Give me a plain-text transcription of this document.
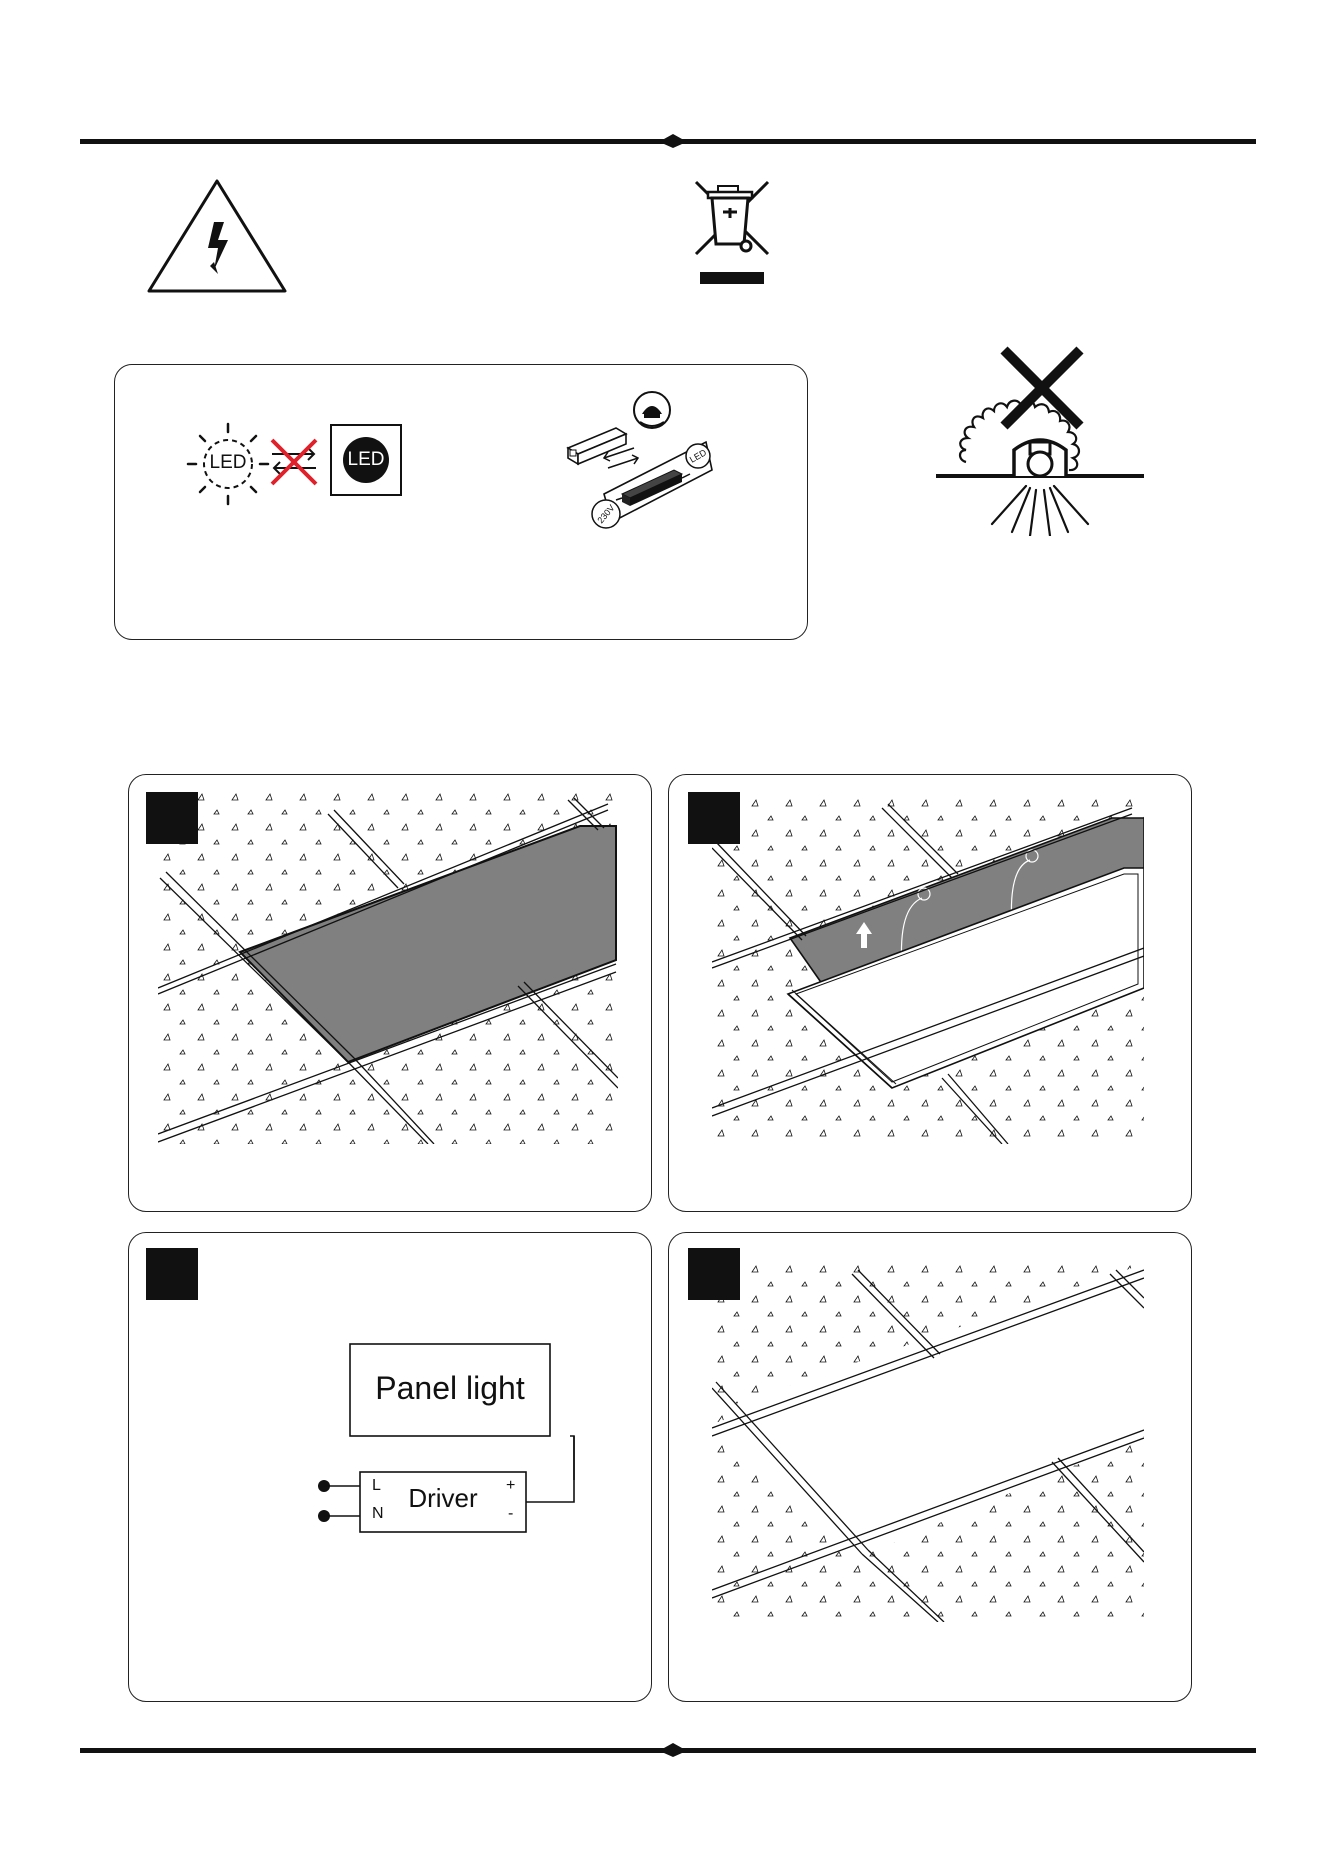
LED	LED	LED
230V
Panel light
Driver
L
N
+
-
